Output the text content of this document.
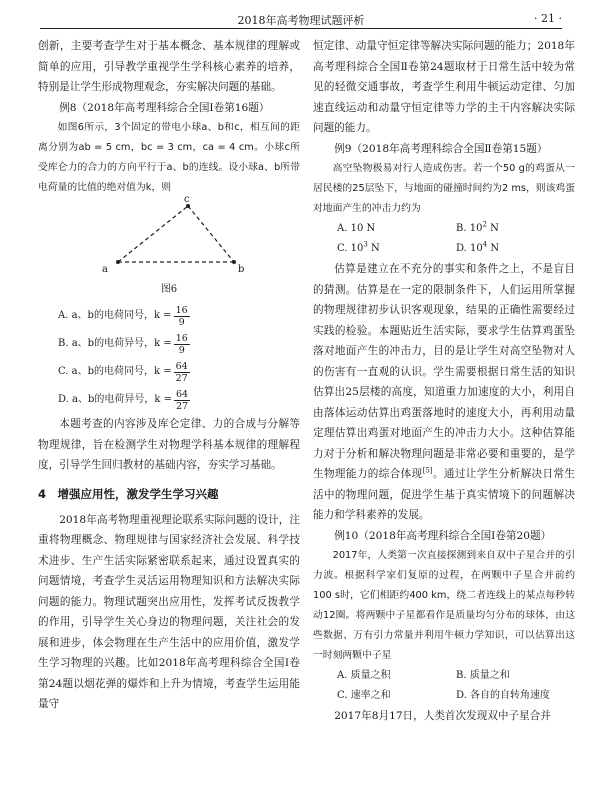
2018年高考物理试题评析	· 21 ·

创新，主要考查学生对于基本概念、基本规律的理解或简单的应用，引导教学重视学生学科核心素养的培养，特别是让学生形成物理观念，夯实解决问题的基础。

例8（2018年高考理科综合全国Ⅰ卷第16题）

如图6所示，3个固定的带电小球a、b和c，相互间的距离分别为ab = 5 cm，bc = 3 cm，ca = 4 cm。小球c所受库仑力的合力的方向平行于a、b的连线。设小球a、b所带电荷量的比值的绝对值为k，则

a
c
b
图6
A. a、b的电荷同号，$k = \frac{16}{9}$
B. a、b的电荷异号，$k = \frac{16}{9}$
C. a、b的电荷同号，$k = \frac{64}{27}$
D. a、b的电荷异号，$k = \frac{64}{27}$

本题考查的内容涉及库仑定律、力的合成与分解等物理规律，旨在检测学生对物理学科基本规律的理解程度，引导学生回归教材的基础内容，夯实学习基础。

4　增强应用性，激发学生学习兴趣

2018年高考物理重视理论联系实际问题的设计，注重将物理概念、物理规律与国家经济社会发展、科学技术进步、生产生活实际紧密联系起来，通过设置真实的问题情境，考查学生灵活运用物理知识和方法解决实际问题的能力。物理试题突出应用性，发挥考试反拨教学的作用，引导学生关心身边的物理问题，关注社会的发展和进步，体会物理在生产生活中的应用价值，激发学生学习物理的兴趣。比如2018年高考理科综合全国Ⅰ卷第24题以烟花弹的爆炸和上升为情境，考查学生运用能量守

恒定律、动量守恒定律等解决实际问题的能力；2018年高考理科综合全国Ⅱ卷第24题取材于日常生活中较为常见的轻微交通事故，考查学生利用牛顿运动定律、匀加速直线运动和动量守恒定律等力学的主干内容解决实际问题的能力。

例9（2018年高考理科综合全国Ⅱ卷第15题）

高空坠物极易对行人造成伤害。若一个50 g的鸡蛋从一居民楼的25层坠下，与地面的碰撞时间约为2 ms，则该鸡蛋对地面产生的冲击力约为

A. 10 N	B. $10^2$ N
C. $10^3$ N	D. $10^4$ N

估算是建立在不充分的事实和条件之上，不是盲目的猜测。估算是在一定的限制条件下，人们运用所掌握的物理规律初步认识客观现象，结果的正确性需要经过实践的检验。本题贴近生活实际，要求学生估算鸡蛋坠落对地面产生的冲击力，目的是让学生对高空坠物对人的伤害有一直观的认识。学生需要根据日常生活的知识估算出25层楼的高度，知道重力加速度的大小，利用自由落体运动估算出鸡蛋落地时的速度大小，再利用动量定理估算出鸡蛋对地面产生的冲击力大小。这种估算能力对于分析和解决物理问题是非常必要和重要的，是学生物理能力的综合体现[5]。通过让学生分析解决日常生活中的物理问题，促进学生基于真实情境下的问题解决能力和学科素养的发展。

例10（2018年高考理科综合全国Ⅰ卷第20题）

2017年，人类第一次直接探测到来自双中子星合并的引力波。根据科学家们复原的过程，在两颗中子星合并前约100 s时，它们相距约400 km，绕二者连线上的某点每秒转动12圈。将两颗中子星都看作是质量均匀分布的球体，由这些数据、万有引力常量并利用牛顿力学知识，可以估算出这一时刻两颗中子星

A. 质量之积	B. 质量之和
C. 速率之和	D. 各自的自转角速度

2017年8月17日，人类首次发现双中子星合并
